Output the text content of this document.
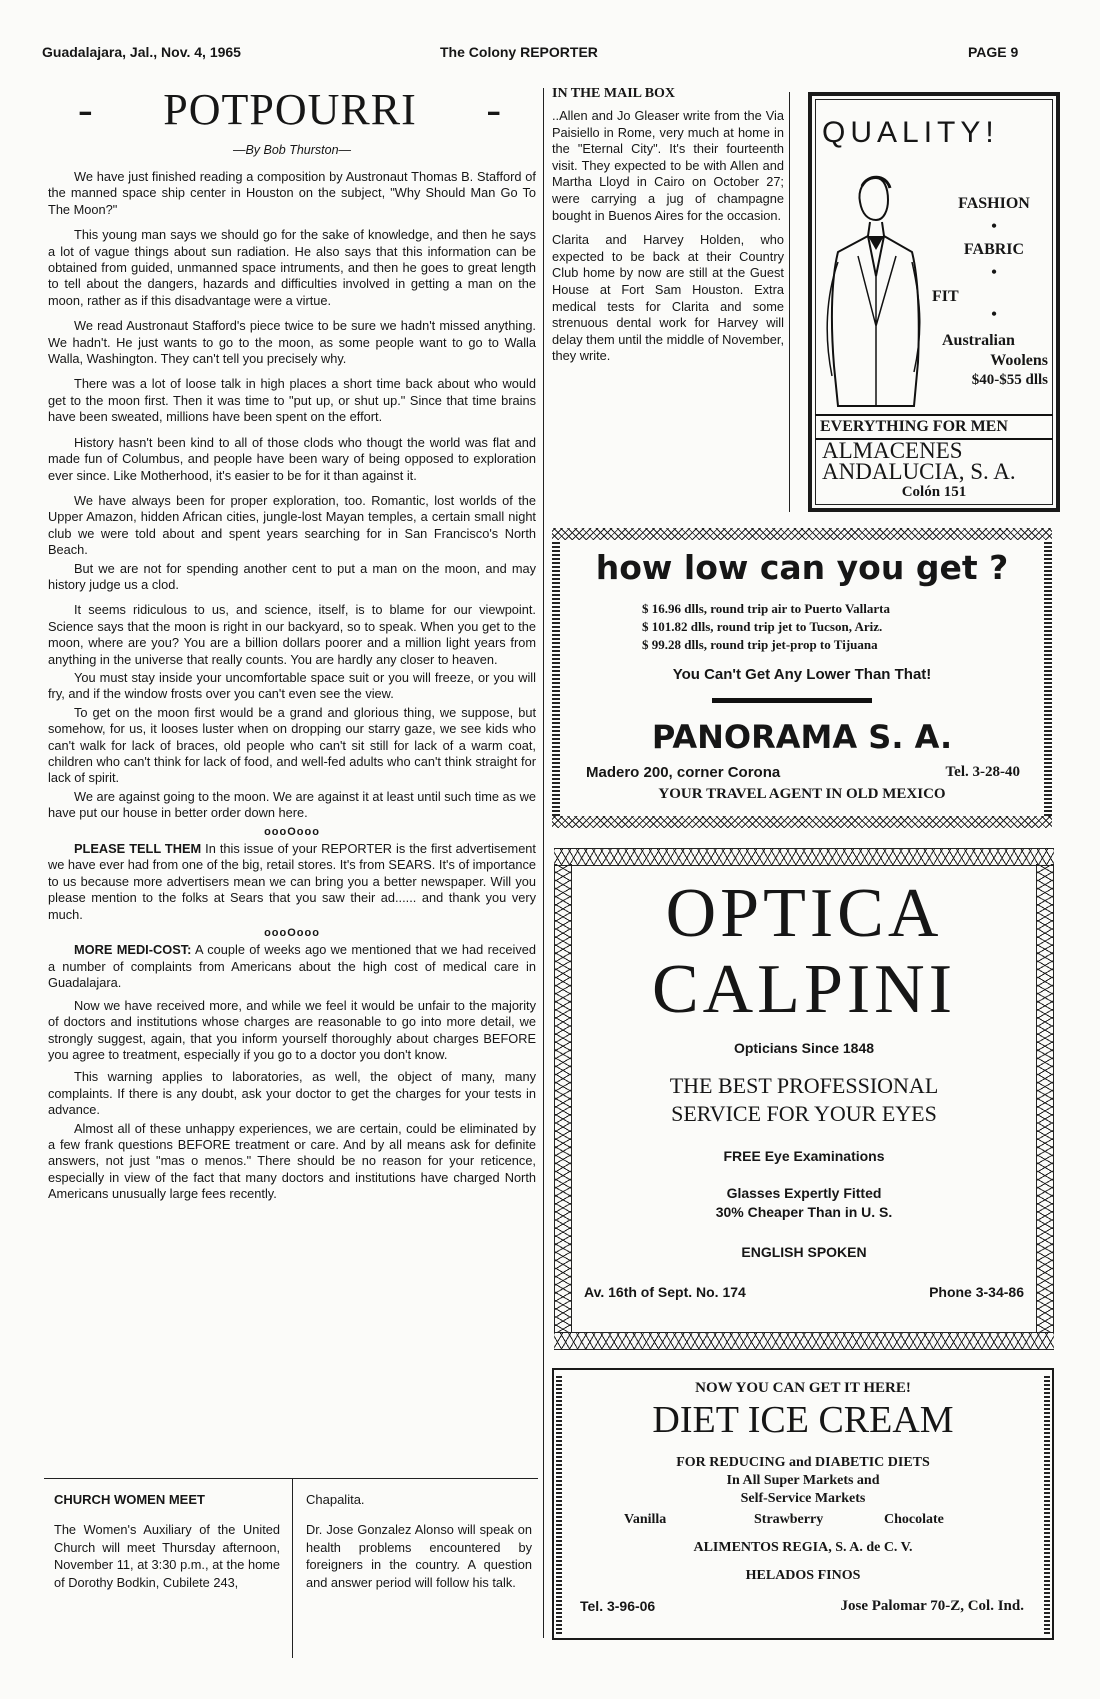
Guadalajara, Jal., Nov. 4, 1965	The Colony REPORTER	PAGE 9
- POTPOURRI -
—By Bob Thurston—

We have just finished reading a composition by Austronaut Thomas B. Stafford of the manned space ship center in Houston on the subject, "Why Should Man Go To The Moon?"

This young man says we should go for the sake of knowledge, and then he says a lot of vague things about sun radiation. He also says that this information can be obtained from guided, unmanned space intruments, and then he goes to great length to tell about the dangers, hazards and difficulties involved in getting a man on the moon, rather as if this disadvantage were a virtue.

We read Austronaut Stafford's piece twice to be sure we hadn't missed anything. We hadn't. He just wants to go to the moon, as some people want to go to Walla Walla, Washington. They can't tell you precisely why.

There was a lot of loose talk in high places a short time back about who would get to the moon first. Then it was time to "put up, or shut up." Since that time brains have been sweated, millions have been spent on the effort.

History hasn't been kind to all of those clods who thougt the world was flat and made fun of Columbus, and people have been wary of being opposed to exploration ever since. Like Motherhood, it's easier to be for it than against it.

We have always been for proper exploration, too. Romantic, lost worlds of the Upper Amazon, hidden African cities, jungle-lost Mayan temples, a certain small night club we were told about and spent years searching for in San Francisco's North Beach.

But we are not for spending another cent to put a man on the moon, and may history judge us a clod.

It seems ridiculous to us, and science, itself, is to blame for our viewpoint. Science says that the moon is right in our backyard, so to speak. When you get to the moon, where are you? You are a billion dollars poorer and a million light years from anything in the universe that really counts. You are hardly any closer to heaven.

You must stay inside your uncomfortable space suit or you will freeze, or you will fry, and if the window frosts over you can't even see the view.

To get on the moon first would be a grand and glorious thing, we suppose, but somehow, for us, it looses luster when on dropping our starry gaze, we see kids who can't walk for lack of braces, old people who can't sit still for lack of a warm coat, children who can't think for lack of food, and well-fed adults who can't think straight for lack of spirit.

We are against going to the moon. We are against it at least until such time as we have put our house in better order down here.

oooOooo

PLEASE TELL THEM In this issue of your REPORTER is the first advertisement we have ever had from one of the big, retail stores. It's from SEARS. It's of importance to us because more advertisers mean we can bring you a better newspaper. Will you please mention to the folks at Sears that you saw their ad...... and thank you very much.

oooOooo

MORE MEDI-COST: A couple of weeks ago we mentioned that we had received a number of complaints from Americans about the high cost of medical care in Guadalajara.

Now we have received more, and while we feel it would be unfair to the majority of doctors and institutions whose charges are reasonable to go into more detail, we strongly suggest, again, that you inform yourself thoroughly about charges BEFORE you agree to treatment, especially if you go to a doctor you don't know.

This warning applies to laboratories, as well, the object of many, many complaints. If there is any doubt, ask your doctor to get the charges for your tests in advance.

Almost all of these unhappy experiences, we are certain, could be eliminated by a few frank questions BEFORE treatment or care. And by all means ask for definite answers, not just "mas o menos." There should be no reason for your reticence, especially in view of the fact that many doctors and institutions have charged North Americans unusually large fees recently.

CHURCH WOMEN MEET
The Women's Auxiliary of the United Church will meet Thursday afternoon, November 11, at 3:30 p.m., at the home of Dorothy Bodkin, Cubilete 243,
Chapalita.
Dr. Jose Gonzalez Alonso will speak on health problems encountered by foreigners in the country. A question and answer period will follow his talk.
IN THE MAIL BOX

..Allen and Jo Gleaser write from the Via Paisiello in Rome, very much at home in the "Eternal City". It's their fourteenth visit. They expected to be with Allen and Martha Lloyd in Cairo on October 27; were carrying a jug of champagne bought in Buenos Aires for the occasion.

Clarita and Harvey Holden, who expected to be back at their Country Club home by now are still at the Guest House at Fort Sam Houston. Extra medical tests for Clarita and some strenuous dental work for Harvey will delay them until the middle of November, they write.

QUALITY!
FASHION
•
FABRIC
•
FIT
•
Australian
Woolens
$40-$55 dlls
EVERYTHING FOR MEN
ALMACENES
ANDALUCIA, S. A.
Colón 151
how low can you get ?
$ 16.96 dlls, round trip air to Puerto Vallarta
$ 101.82 dlls, round trip jet to Tucson, Ariz.
$ 99.28 dlls, round trip jet-prop to Tijuana
You Can't Get Any Lower Than That!
PANORAMA S. A.
Madero 200, corner Corona	Tel. 3-28-40
YOUR TRAVEL AGENT IN OLD MEXICO
OPTICA
CALPINI
Opticians Since 1848
THE BEST PROFESSIONAL
SERVICE FOR YOUR EYES
FREE Eye Examinations
Glasses Expertly Fitted
30% Cheaper Than in U. S.
ENGLISH SPOKEN
Av. 16th of Sept. No. 174	Phone 3-34-86
NOW YOU CAN GET IT HERE!
DIET ICE CREAM
FOR REDUCING and DIABETIC DIETS
In All Super Markets and
Self-Service Markets
Vanilla	Strawberry	Chocolate
ALIMENTOS REGIA, S. A. de C. V.
HELADOS FINOS
Tel. 3-96-06	Jose Palomar 70-Z, Col. Ind.
